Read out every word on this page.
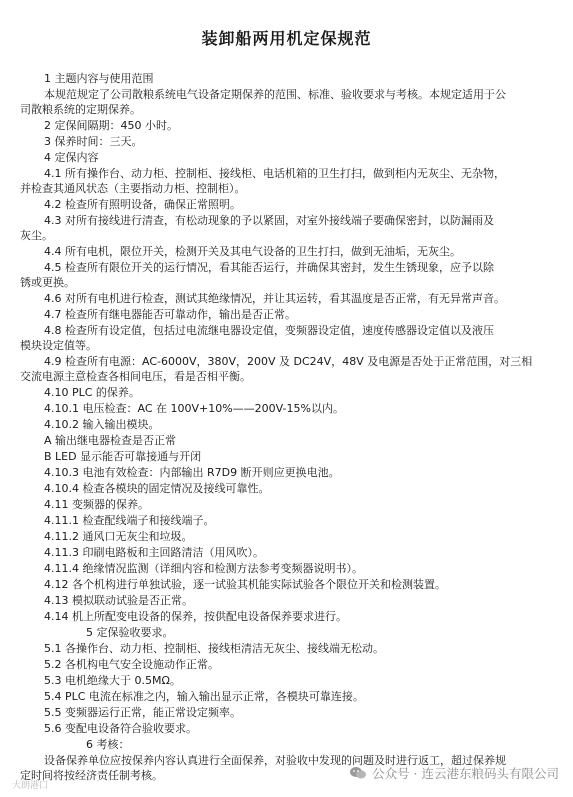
装卸船两用机定保规范
1 主题内容与使用范围
本规范规定了公司散粮系统电气设备定期保养的范围、标准、验收要求与考核。本规定适用于公
司散粮系统的定期保养。
2 定保间隔期：450 小时。
3 保养时间：三天。
4 定保内容
4.1 所有操作台、动力柜、控制柜、接线柜、电话机箱的卫生打扫，做到柜内无灰尘、无杂物，
并检查其通风状态（主要指动力柜、控制柜）。
4.2 检查所有照明设备，确保正常照明。
4.3 对所有接线进行清查，有松动现象的予以紧固，对室外接线端子要确保密封，以防漏雨及
灰尘。
4.4 所有电机，限位开关，检测开关及其电气设备的卫生打扫，做到无油垢，无灰尘。
4.5 检查所有限位开关的运行情况，看其能否运行，并确保其密封，发生生锈现象，应予以除
锈或更换。
4.6 对所有电机进行检查，测试其绝缘情况，并让其运转，看其温度是否正常，有无异常声音。
4.7 检查所有继电器能否可靠动作，输出是否正常。
4.8 检查所有设定值，包括过电流继电器设定值，变频器设定值，速度传感器设定值以及液压
模块设定值等。
4.9 检查所有电源：AC-6000V，380V，200V 及 DC24V，48V 及电源是否处于正常范围，对三相
交流电源主意检查各相间电压，看是否相平衡。
4.10 PLC 的保养。
4.10.1 电压检查：AC 在 100V+10%——200V-15%以内。
4.10.2 输入输出模块。
A 输出继电器检查是否正常
B LED 显示能否可靠接通与开闭
4.10.3 电池有效检查：内部输出 R7D9 断开则应更换电池。
4.10.4 检查各模块的固定情况及接线可靠性。
4.11 变频器的保养。
4.11.1 检查配线端子和接线端子。
4.11.2 通风口无灰尘和垃圾。
4.11.3 印刷电路板和主回路清洁（用风吹）。
4.11.4 绝缘情况监测（详细内容和检测方法参考变频器说明书）。
4.12 各个机构进行单独试验，逐一试验其机能实际试验各个限位开关和检测装置。
4.13 模拟联动试验是否正常。
4.14 机上所配变电设备的保养，按供配电设备保养要求进行。
5 定保验收要求。
5.1 各操作台、动力柜、控制柜、接线柜清洁无灰尘、接线端无松动。
5.2 各机构电气安全设施动作正常。
5.3 电机绝缘大于 0.5MΩ。
5.4 PLC 电流在标准之内，输入输出显示正常，各模块可靠连接。
5.5 变频器运行正常，能正常设定频率。
5.6 变配电设备符合验收要求。
6 考核：
设备保养单位应按保养内容认真进行全面保养，对验收中发现的问题及时进行返工，超过保养规
定时间将按经济责任制考核。
大朗港囗
公众号 · 连云港东粮码头有限公司
